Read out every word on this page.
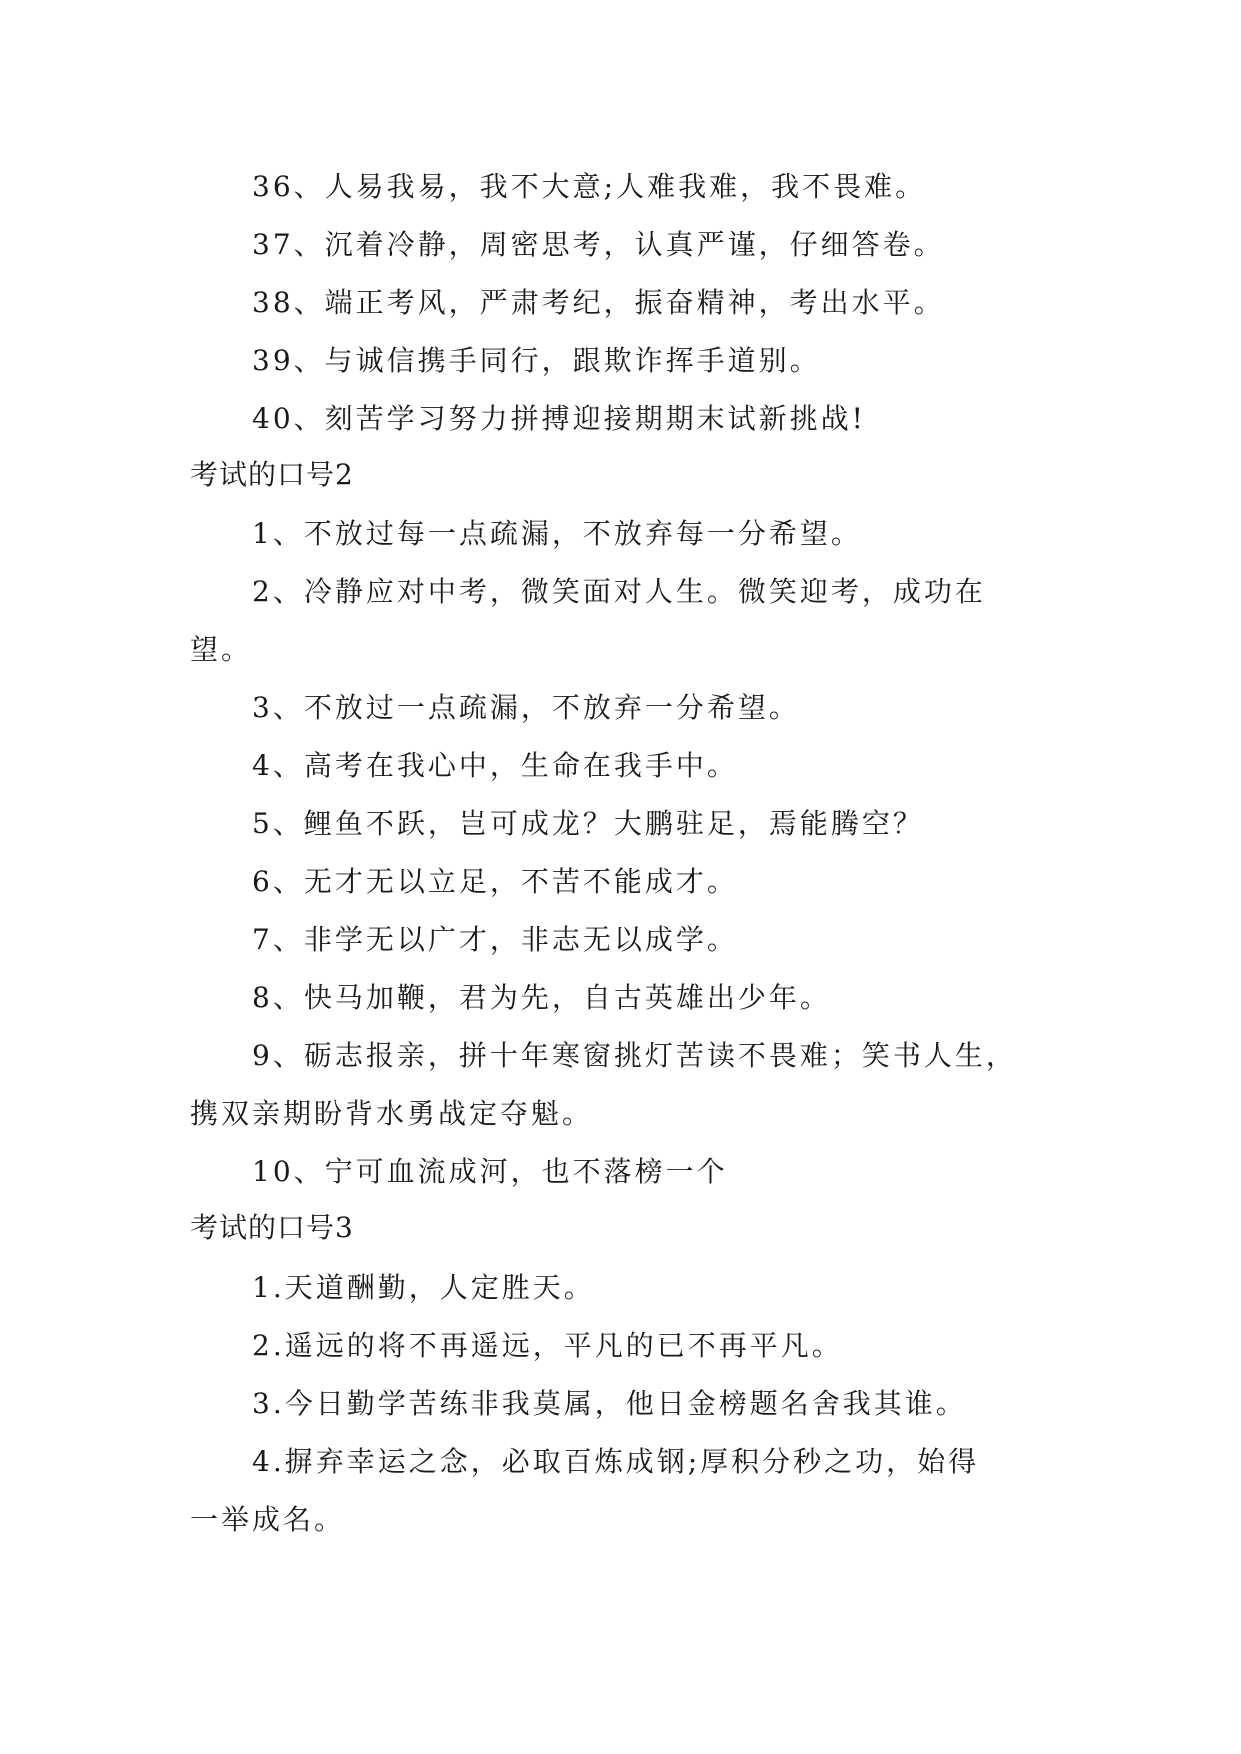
36、人易我易，我不大意;人难我难，我不畏难。
37、沉着冷静，周密思考，认真严谨，仔细答卷。
38、端正考风，严肃考纪，振奋精神，考出水平。
39、与诚信携手同行，跟欺诈挥手道别。
40、刻苦学习努力拼搏迎接期期末试新挑战!
考试的口号2
1、不放过每一点疏漏，不放弃每一分希望。
2、冷静应对中考，微笑面对人生。微笑迎考，成功在
望。
3、不放过一点疏漏，不放弃一分希望。
4、高考在我心中，生命在我手中。
5、鲤鱼不跃，岂可成龙？大鹏驻足，焉能腾空？
6、无才无以立足，不苦不能成才。
7、非学无以广才，非志无以成学。
8、快马加鞭，君为先，自古英雄出少年。
9、砺志报亲，拼十年寒窗挑灯苦读不畏难；笑书人生，
携双亲期盼背水勇战定夺魁。
10、宁可血流成河，也不落榜一个
考试的口号3
1.天道酬勤，人定胜天。
2.遥远的将不再遥远，平凡的已不再平凡。
3.今日勤学苦练非我莫属，他日金榜题名舍我其谁。
4.摒弃幸运之念，必取百炼成钢;厚积分秒之功，始得
一举成名。
